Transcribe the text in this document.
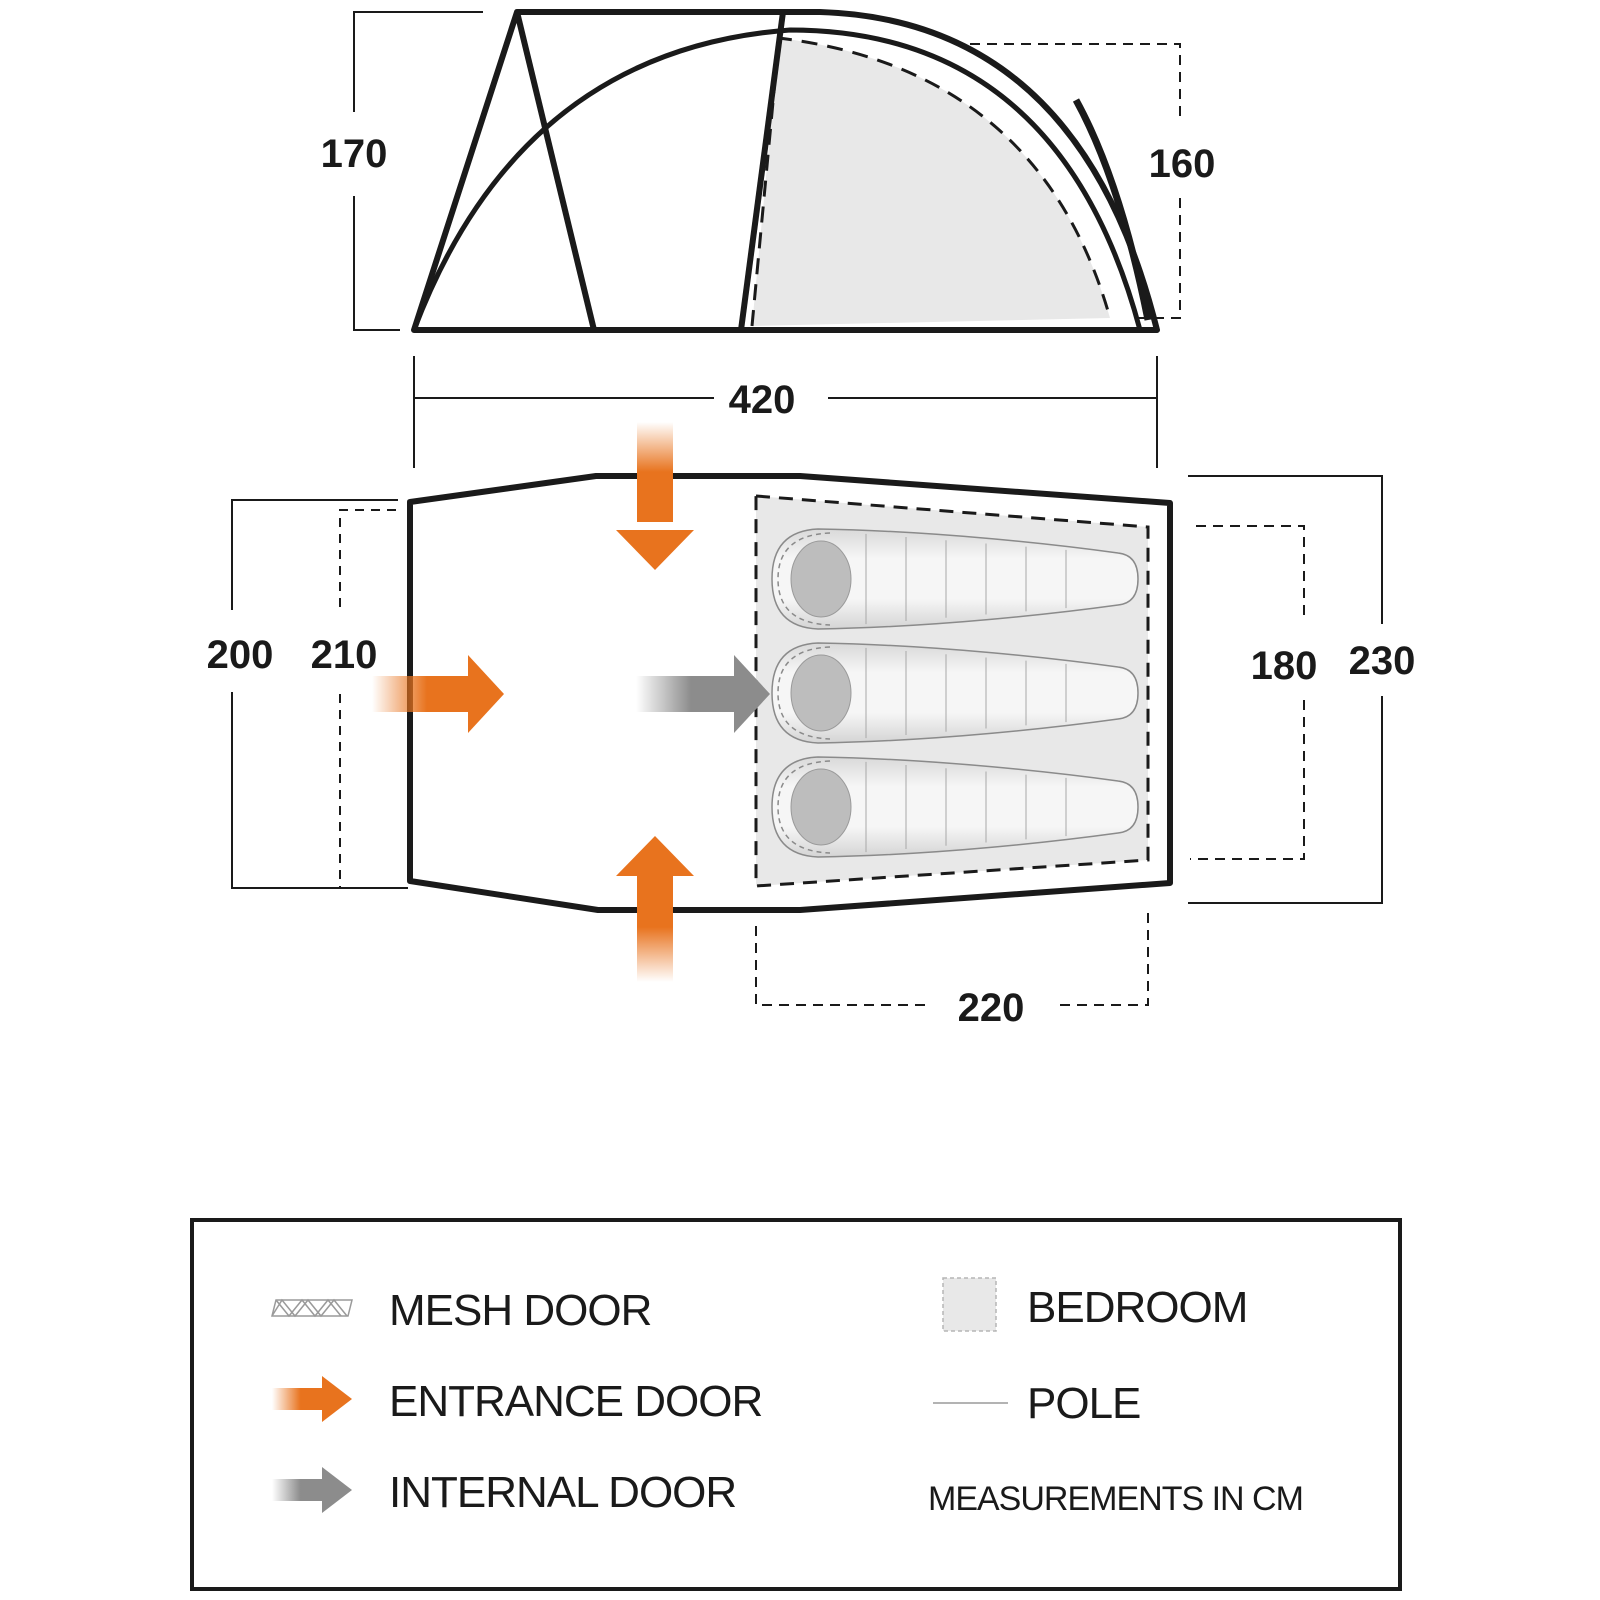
170	160
420
200 210	180 230
220
MESH DOOR
ENTRANCE DOOR
INTERNAL DOOR
BEDROOM
POLE
MEASUREMENTS IN CM
